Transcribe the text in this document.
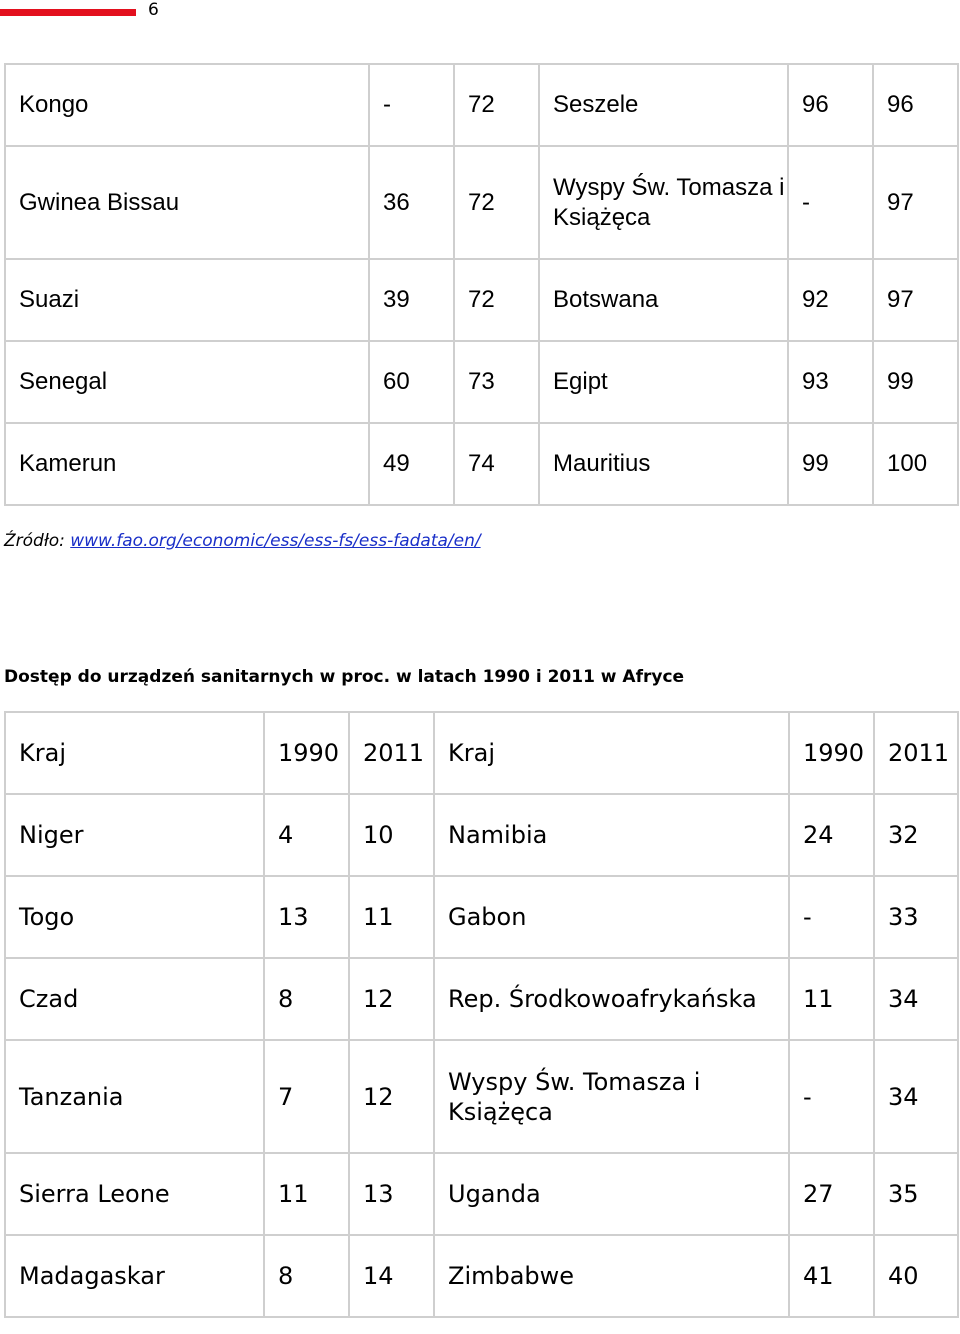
6
Kongo	-	72	Seszele	96	96
Gwinea Bissau	36	72	Wyspy Św. Tomasza i Książęca	-	97
Suazi	39	72	Botswana	92	97
Senegal	60	73	Egipt	93	99
Kamerun	49	74	Mauritius	99	100
Źródło: www.fao.org/economic/ess/ess-fs/ess-fadata/en/
Dostęp do urządzeń sanitarnych w proc. w latach 1990 i 2011 w Afryce
Kraj	1990	2011	Kraj	1990	2011
Niger	4	10	Namibia	24	32
Togo	13	11	Gabon	-	33
Czad	8	12	Rep. Środkowoafrykańska	11	34
Tanzania	7	12	Wyspy Św. Tomasza i Książęca	-	34
Sierra Leone	11	13	Uganda	27	35
Madagaskar	8	14	Zimbabwe	41	40
